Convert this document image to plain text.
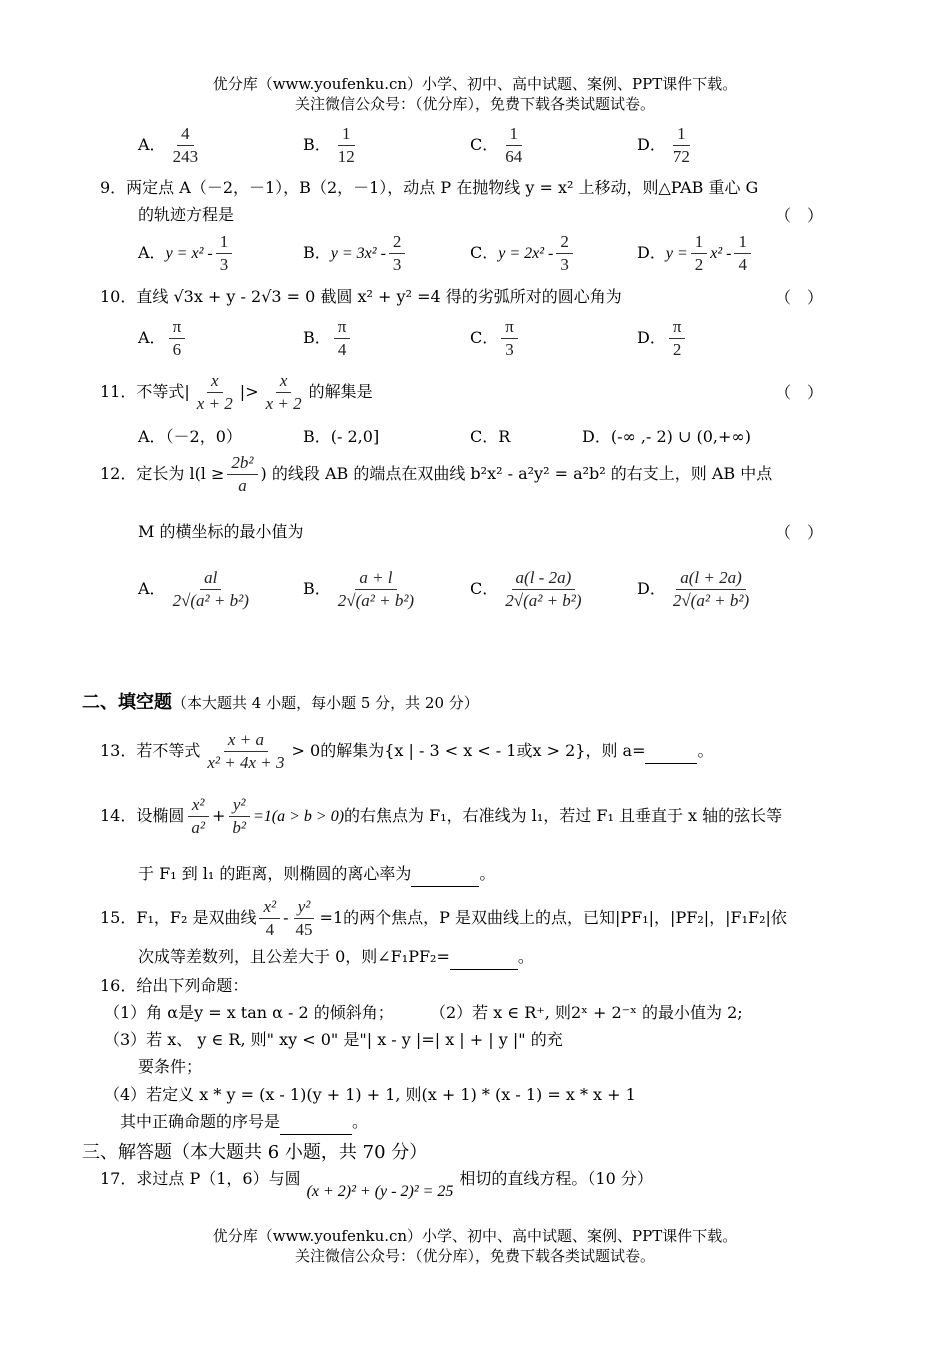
优分库（www.youfenku.cn）小学、初中、高中试题、案例、PPT课件下载。
关注微信公众号：（优分库），免费下载各类试题试卷。
A． $\frac{4}{243}$	B． $\frac{1}{12}$	C． $\frac{1}{64}$	D． $\frac{1}{72}$
9．两定点 A（－2，－1），B（2，－1），动点 P 在抛物线 y = x² 上移动，则△PAB 重心 G
的轨迹方程是	（　）
A．$y = x^2 - \frac{1}{3}$	B．$y = 3x^2 - \frac{2}{3}$	C．$y = 2x^2 - \frac{2}{3}$	D．$y = \frac{1}{2} x^2 - \frac{1}{4}$
10．直线 √3x + y - 2√3 = 0 截圆 x² + y² =4 得的劣弧所对的圆心角为	（　）
A． $\frac{\pi}{6}$	B． $\frac{\pi}{4}$	C． $\frac{\pi}{3}$	D． $\frac{\pi}{2}$
11．不等式| $\frac{x}{x + 2}$ |> $\frac{x}{x + 2}$ 的解集是	（　）
A．（－2，0）	B．(- 2,0]	C．R	D．(-∞ ,- 2) ∪ (0,+∞)
12．定长为 $l(l \ge \frac{\text{2b²}}{a}$ ) 的线段 AB 的端点在双曲线 b²x² - a²y² = a²b² 的右支上，则 AB 中点
M 的横坐标的最小值为	（　）
A． $\frac{al}{\text{2√(a² + b²)}}$	B． $\frac{a + l}{\text{2√(a² + b²)}}$	C． $\frac{a(l - 2a)}{\text{2√(a² + b²)}}$	D． $\frac{a(l + 2a)}{\text{2√(a² + b²)}}$
二、填空题（本大题共 4 小题，每小题 5 分，共 20 分）
13．若不等式 $\frac{x + a}{\text{x² + 4x + 3}} > 0$的解集为{x | - 3 < x < - 1或x > 2}，则 a=	。
14．设椭圆 $\frac{\text{x²}}{\text{a²}} + \frac{\text{y²}}{\text{b²}} =1(a > b > 0)$的右焦点为 F₁，右准线为 l₁，若过 F₁ 且垂直于 x 轴的弦长等
于 F₁ 到 l₁ 的距离，则椭圆的离心率为	。
15．F₁，F₂ 是双曲线 $\frac{\text{x²}}{4} - \frac{\text{y²}}{45} =1$的两个焦点，P 是双曲线上的点，已知|PF₁|，|PF₂|，|F₁F₂|依
次成等差数列，且公差大于 0，则∠F₁PF₂=	。
16．给出下列命题：
（1）角 α是y = x tan α - 2 的倾斜角； （2）若 x ∈ R⁺, 则2ˣ + 2⁻ˣ 的最小值为 2;
（3）若 x、 y ∈ R, 则" xy < 0" 是"| x - y |=| x | + | y |" 的充
要条件；
（4）若定义 x * y = (x - 1)(y + 1) + 1, 则(x + 1) * (x - 1) = x * x + 1
其中正确命题的序号是	。
三、解答题（本大题共 6 小题，共 70 分）
17．求过点 P（1，6）与圆(x + 2)² + (y - 2)² = 25相切的直线方程。（10 分）
优分库（www.youfenku.cn）小学、初中、高中试题、案例、PPT课件下载。
关注微信公众号：（优分库），免费下载各类试题试卷。
